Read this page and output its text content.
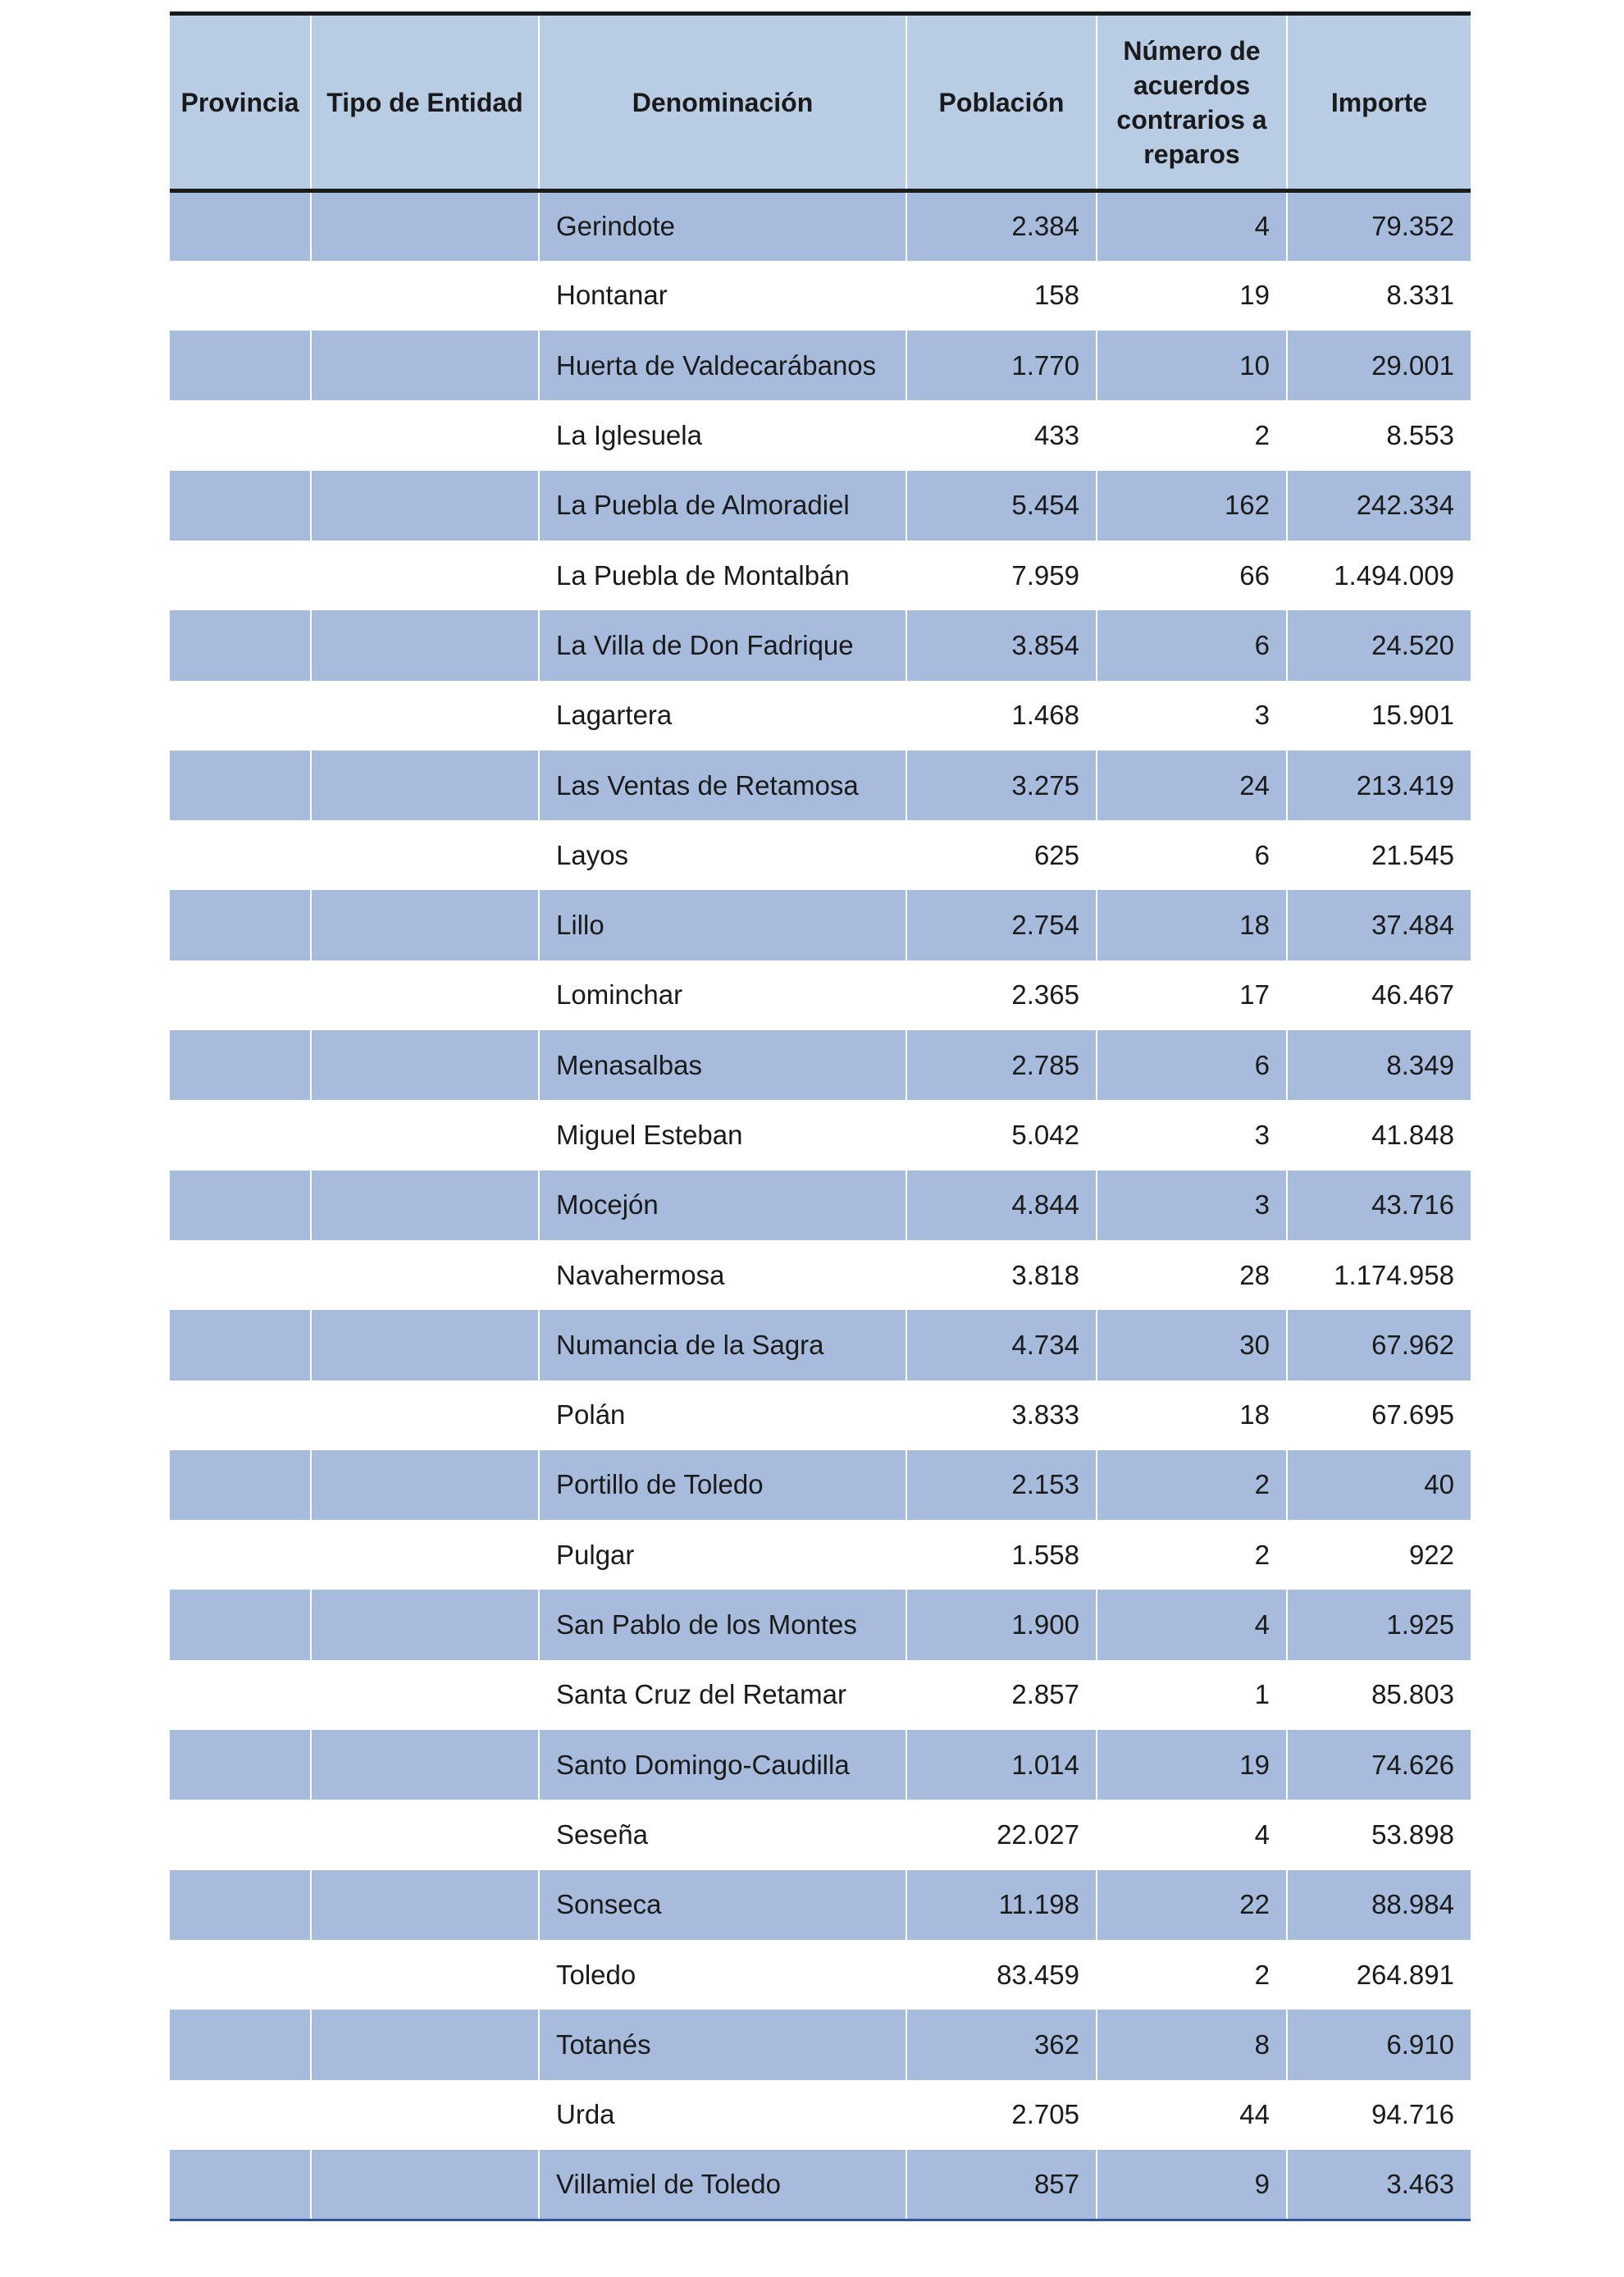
Provincia	Tipo de Entidad	Denominación	Población	Número de acuerdos contrarios a reparos	Importe
		Gerindote	2.384	4	79.352
		Hontanar	158	19	8.331
		Huerta de Valdecarábanos	1.770	10	29.001
		La Iglesuela	433	2	8.553
		La Puebla de Almoradiel	5.454	162	242.334
		La Puebla de Montalbán	7.959	66	1.494.009
		La Villa de Don Fadrique	3.854	6	24.520
		Lagartera	1.468	3	15.901
		Las Ventas de Retamosa	3.275	24	213.419
		Layos	625	6	21.545
		Lillo	2.754	18	37.484
		Lominchar	2.365	17	46.467
		Menasalbas	2.785	6	8.349
		Miguel Esteban	5.042	3	41.848
		Mocejón	4.844	3	43.716
		Navahermosa	3.818	28	1.174.958
		Numancia de la Sagra	4.734	30	67.962
		Polán	3.833	18	67.695
		Portillo de Toledo	2.153	2	40
		Pulgar	1.558	2	922
		San Pablo de los Montes	1.900	4	1.925
		Santa Cruz del Retamar	2.857	1	85.803
		Santo Domingo-Caudilla	1.014	19	74.626
		Seseña	22.027	4	53.898
		Sonseca	11.198	22	88.984
		Toledo	83.459	2	264.891
		Totanés	362	8	6.910
		Urda	2.705	44	94.716
		Villamiel de Toledo	857	9	3.463
